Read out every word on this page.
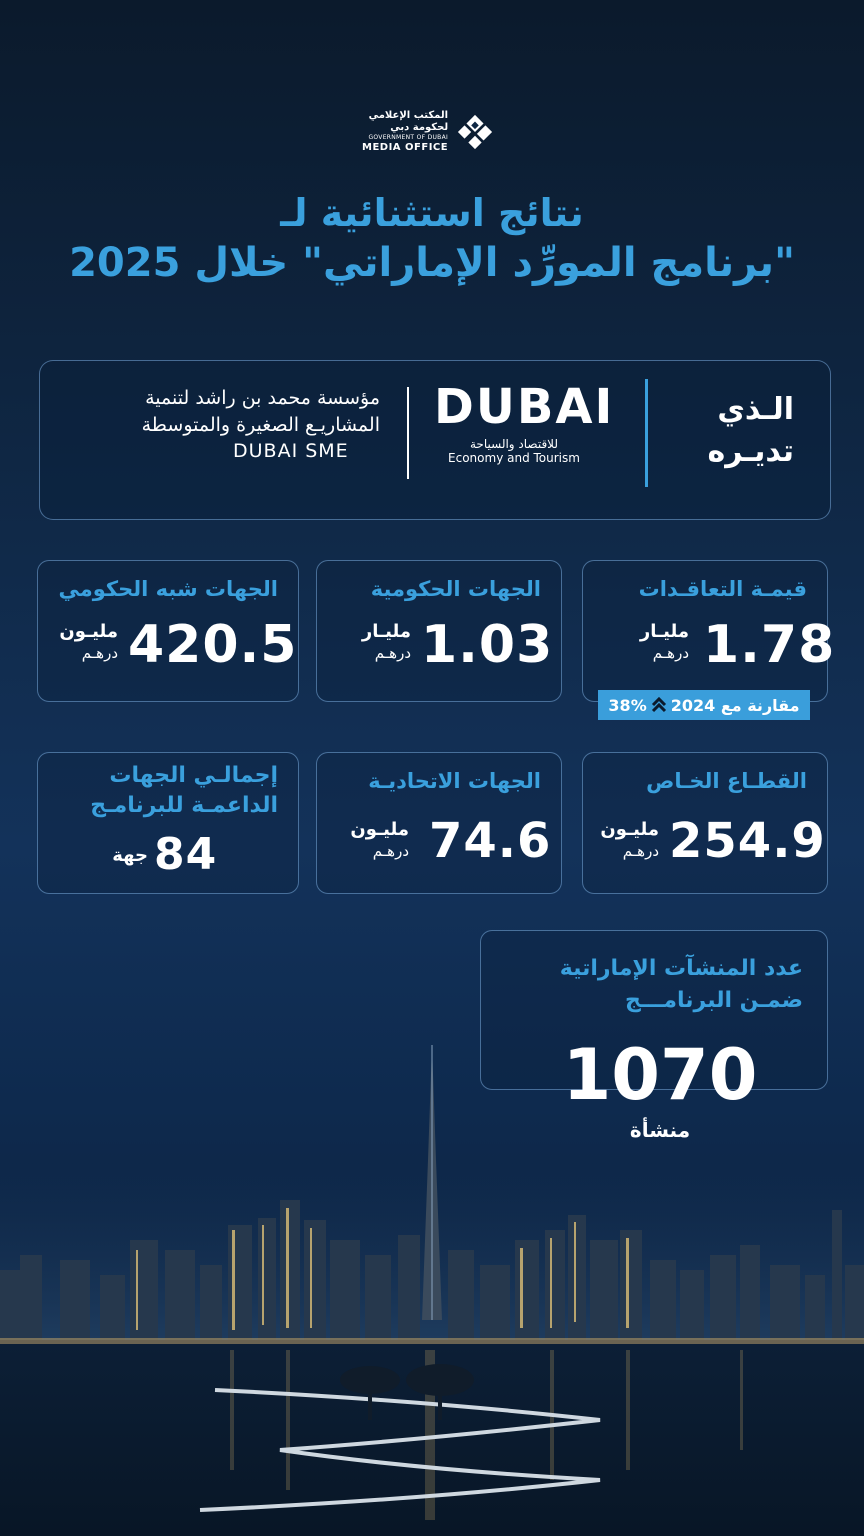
المكتب الإعلامي
لحكومة دبي
GOVERNMENT OF DUBAI
MEDIA OFFICE
نتائج استثنائية لـ
"برنامج المورِّد الإماراتي" خلال 2025
الـذي
تديـره
DUBAI
للاقتصاد والسياحة
Economy and Tourism
مؤسسة محمد بن راشد لتنمية
المشاريـع الصغيرة والمتوسطة
DUBAI SME
قيمـة التعاقـدات
1.78
مليـار
درهـم
الجهات الحكومية
1.03
مليـار
درهـم
الجهات شبه الحكومي
420.5
مليـون
درهـم
مقارنة مع 2024
38%
القطـاع الخـاص
254.9
مليـون
درهـم
الجهات الاتحاديـة
74.6
مليـون
درهـم
إجمالـي الجهات
الداعمـة للبرنامـج
84
جهة
عدد المنشآت الإماراتية
ضمـن البرنامـــج
1070
منشأة
